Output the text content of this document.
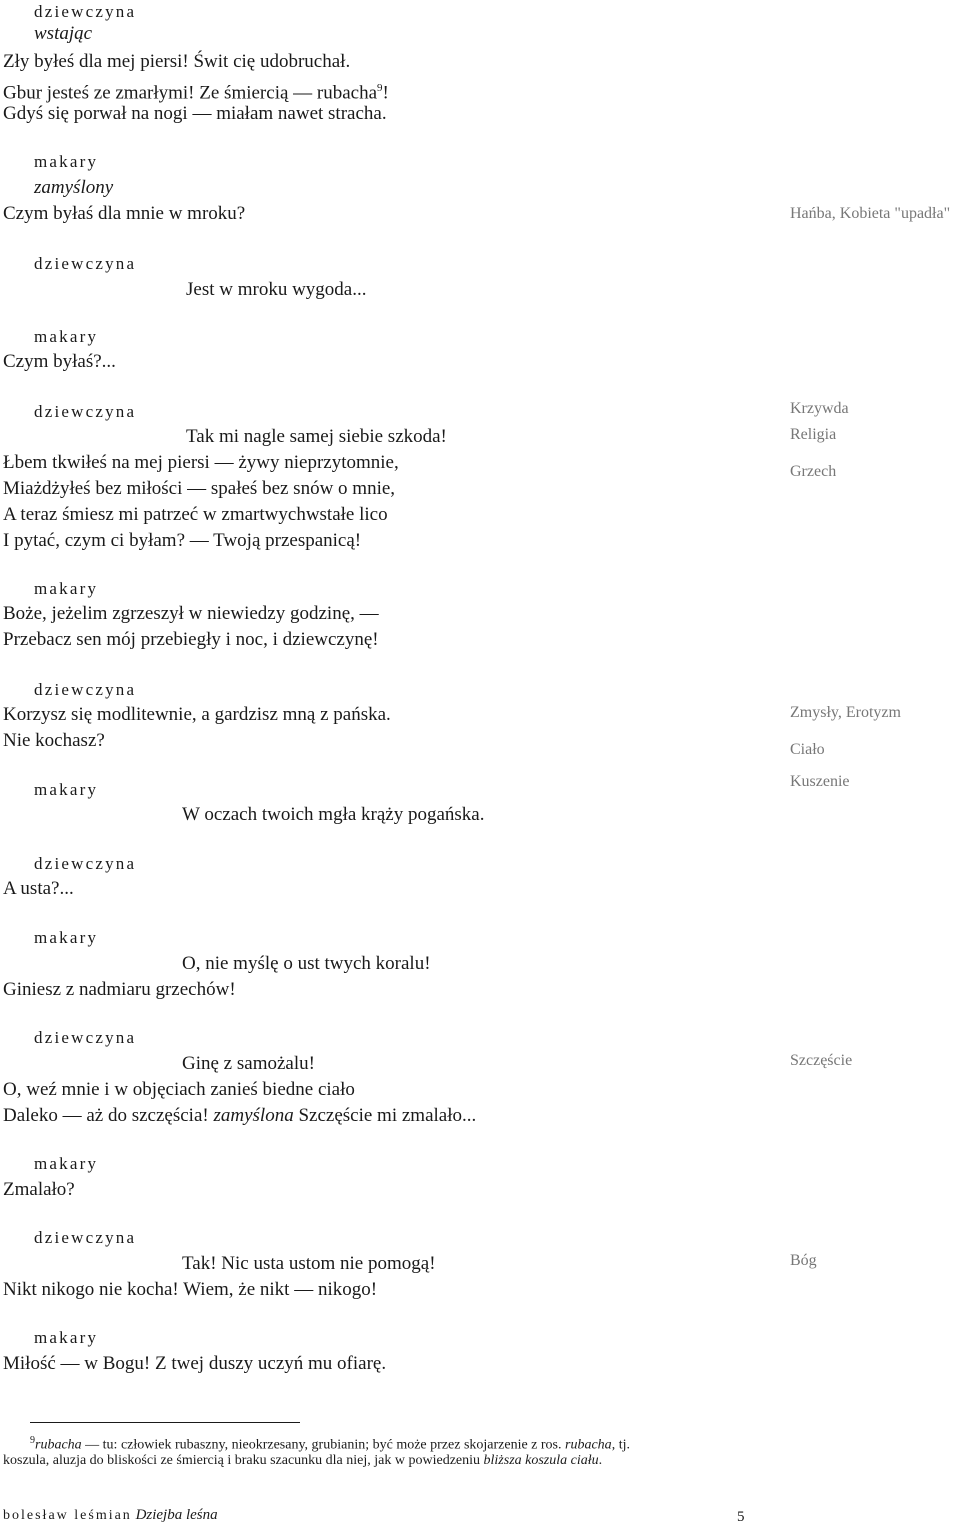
dziewczyna
wstając
Zły byłeś dla mej piersi! Świt cię udobruchał.
Gbur jesteś ze zmarłymi! Ze śmiercią — rubacha$^9$!
Gdyś się porwał na nogi — miałam nawet stracha.
makary
zamyślony
Czym byłaś dla mnie w mroku?
dziewczyna
Jest w mroku wygoda...
makary
Czym byłaś?...
dziewczyna
Tak mi nagle samej siebie szkoda!
Łbem tkwiłeś na mej piersi — żywy nieprzytomnie,
Miażdżyłeś bez miłości — spałeś bez snów o mnie,
A teraz śmiesz mi patrzeć w zmartwychwstałe lico
I pytać, czym ci byłam? — Twoją przespanicą!
makary
Boże, jeżelim zgrzeszył w niewiedzy godzinę, —
Przebacz sen mój przebiegły i noc, i dziewczynę!
dziewczyna
Korzysz się modlitewnie, a gardzisz mną z pańska.
Nie kochasz?
makary
W oczach twoich mgła krąży pogańska.
dziewczyna
A usta?...
makary
O, nie myślę o ust twych koralu!
Giniesz z nadmiaru grzechów!
dziewczyna
Ginę z samożalu!
O, weź mnie i w objęciach zanieś biedne ciało
Daleko — aż do szczęścia! zamyślona Szczęście mi zmalało...
makary
Zmalało?
dziewczyna
Tak! Nic usta ustom nie pomogą!
Nikt nikogo nie kocha! Wiem, że nikt — nikogo!
makary
Miłość — w Bogu! Z twej duszy uczyń mu ofiarę.
Hańba, Kobieta "upadła"
Krzywda
Religia
Grzech
Zmysły, Erotyzm
Ciało
Kuszenie
Szczęście
Bóg
$^9$rubacha — tu: człowiek rubaszny, nieokrzesany, grubianin; być może przez skojarzenie z ros. rubacha, tj.
koszula, aluzja do bliskości ze śmiercią i braku szacunku dla niej, jak w powiedzeniu bliższa koszula ciału.
bolesław leśmian Dziejba leśna	5
